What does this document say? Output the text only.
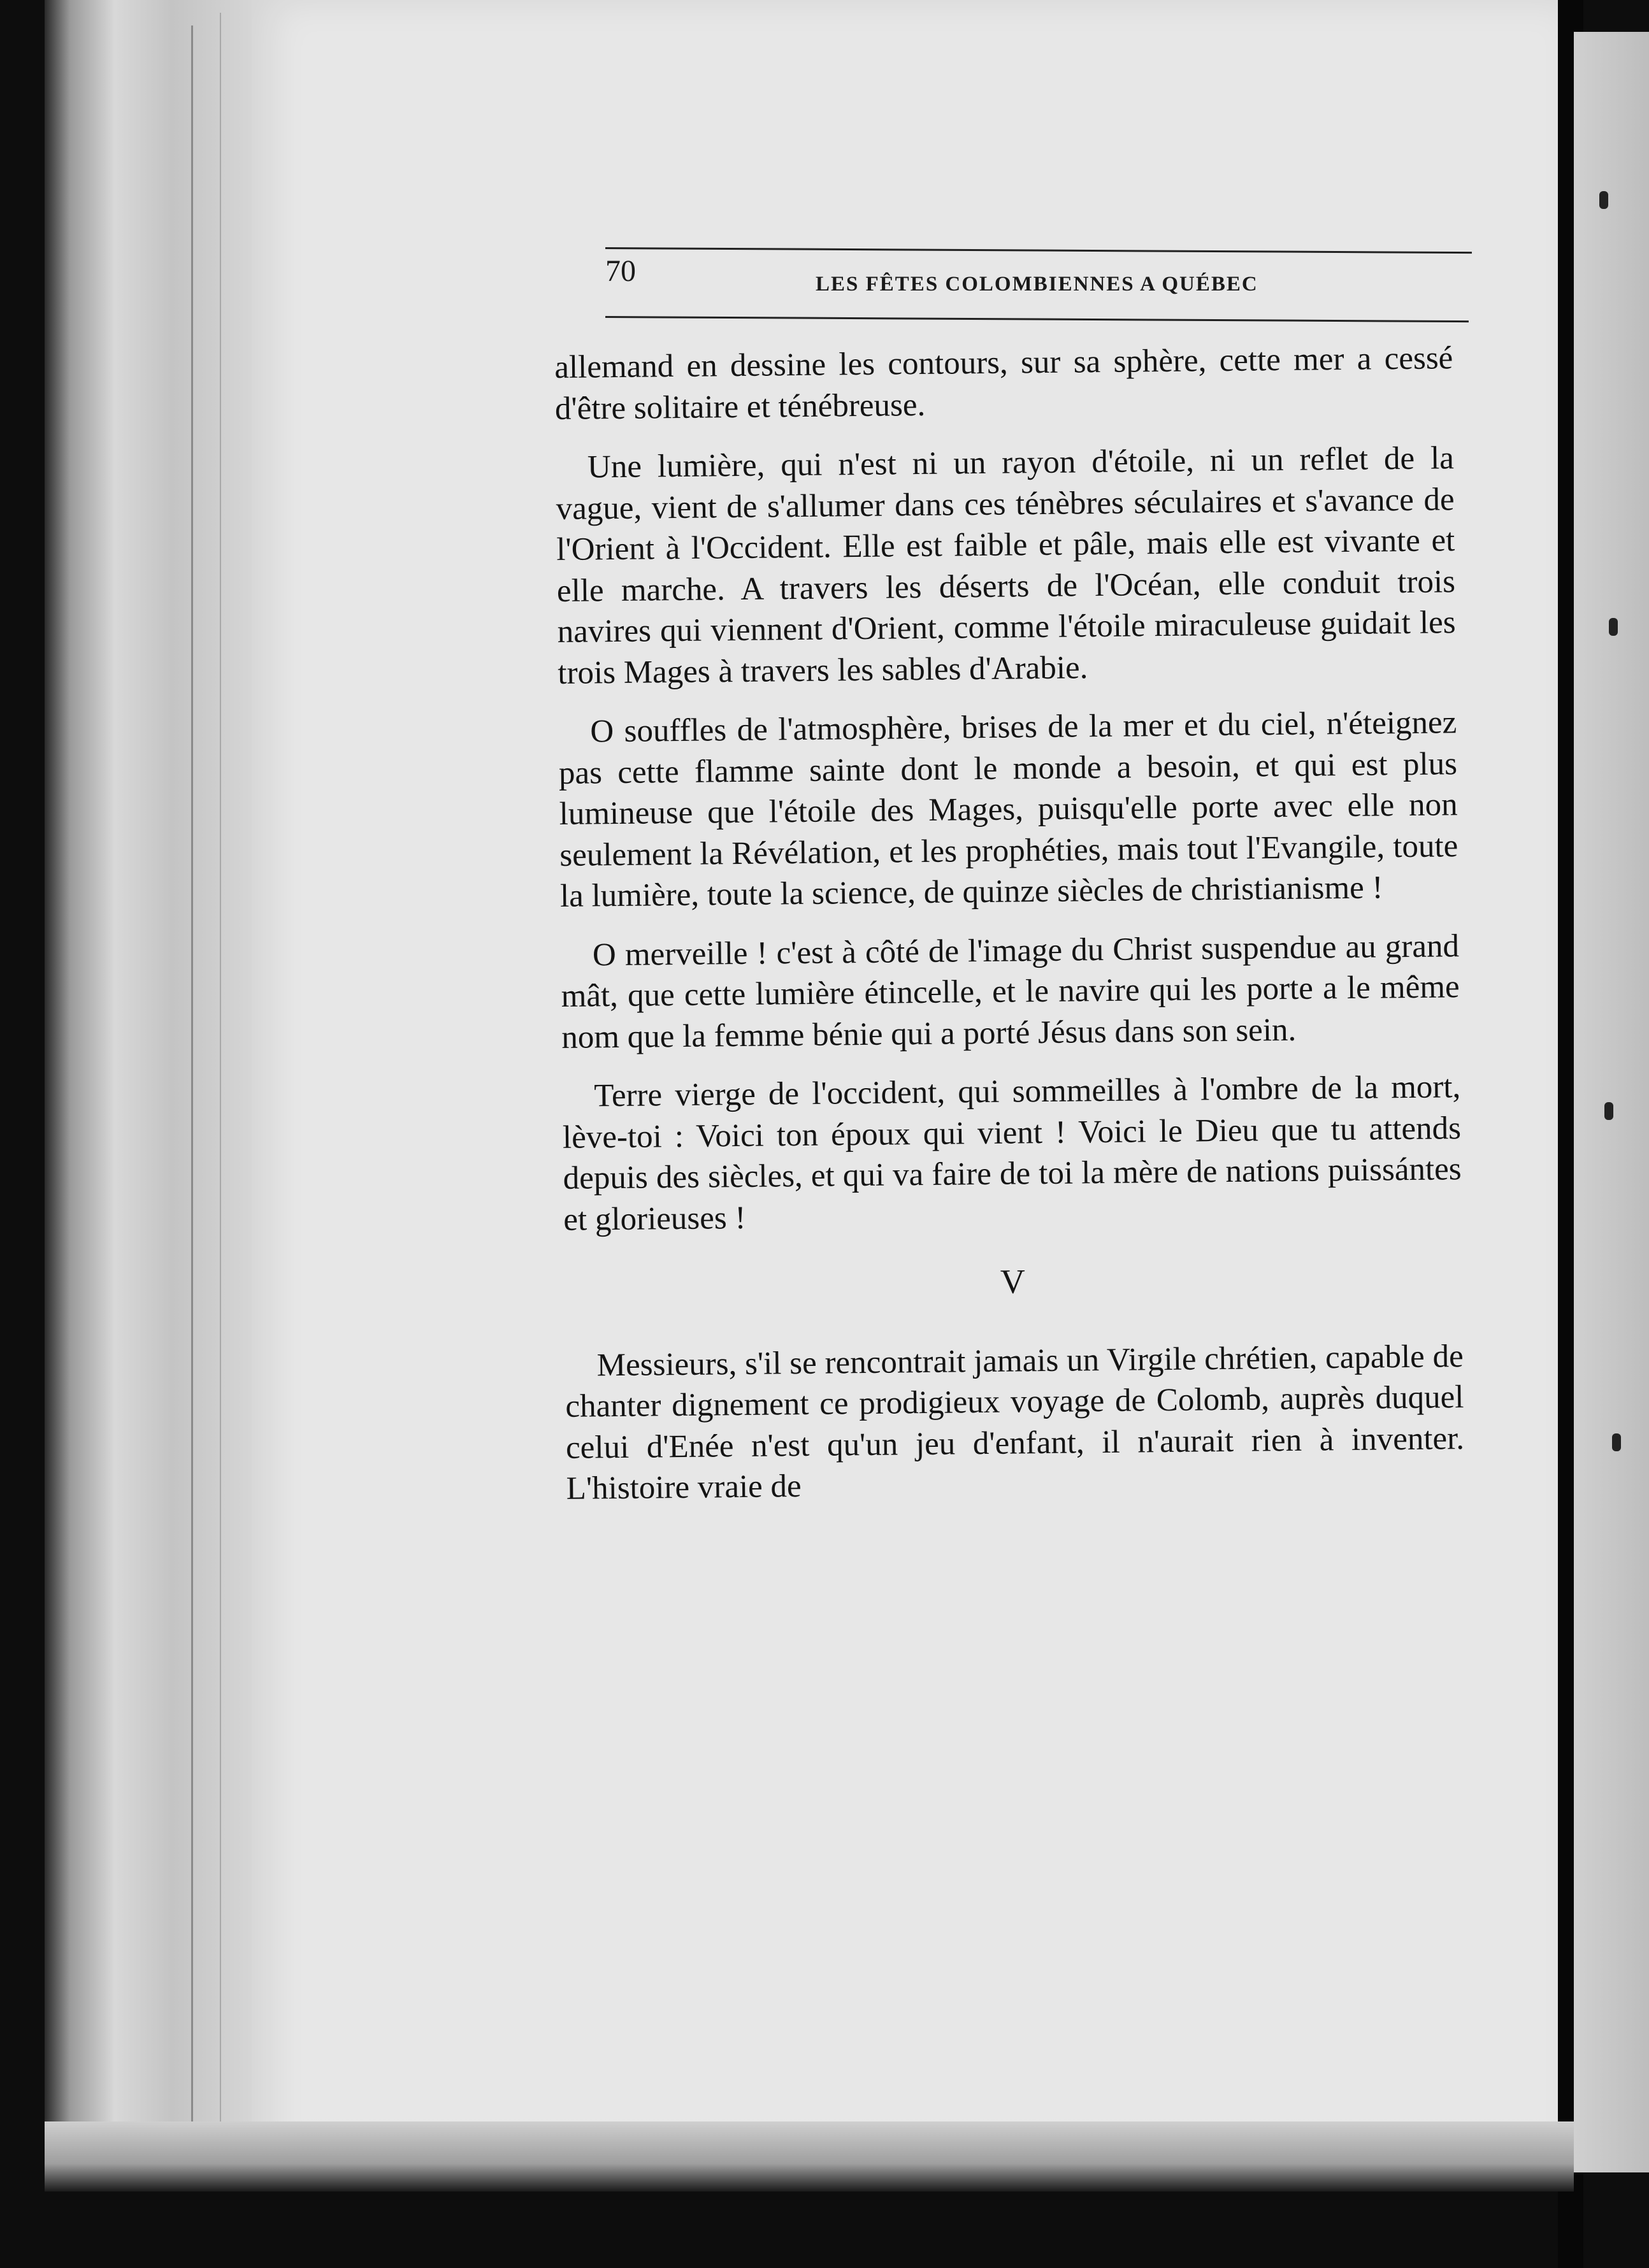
70	LES FÊTES COLOMBIENNES A QUÉBEC

allemand en dessine les contours, sur sa sphère, cette mer a cessé d'être solitaire et ténébreuse.

Une lumière, qui n'est ni un rayon d'étoile, ni un reflet de la vague, vient de s'allumer dans ces ténèbres séculaires et s'avance de l'Orient à l'Occident. Elle est faible et pâle, mais elle est vivante et elle marche. A travers les déserts de l'Océan, elle conduit trois navires qui viennent d'Orient, comme l'étoile miraculeuse guidait les trois Mages à travers les sables d'Arabie.

O souffles de l'atmosphère, brises de la mer et du ciel, n'éteignez pas cette flamme sainte dont le monde a besoin, et qui est plus lumineuse que l'étoile des Mages, puisqu'elle porte avec elle non seulement la Révélation, et les prophéties, mais tout l'Evangile, toute la lumière, toute la science, de quinze siècles de christianisme !

O merveille ! c'est à côté de l'image du Christ suspendue au grand mât, que cette lumière étincelle, et le navire qui les porte a le même nom que la femme bénie qui a porté Jésus dans son sein.

Terre vierge de l'occident, qui sommeilles à l'ombre de la mort, lève-toi : Voici ton époux qui vient ! Voici le Dieu que tu attends depuis des siècles, et qui va faire de toi la mère de nations puissántes et glorieuses !

V

Messieurs, s'il se rencontrait jamais un Virgile chrétien, capable de chanter dignement ce prodigieux voyage de Colomb, auprès duquel celui d'Enée n'est qu'un jeu d'enfant, il n'aurait rien à inventer. L'histoire vraie de
